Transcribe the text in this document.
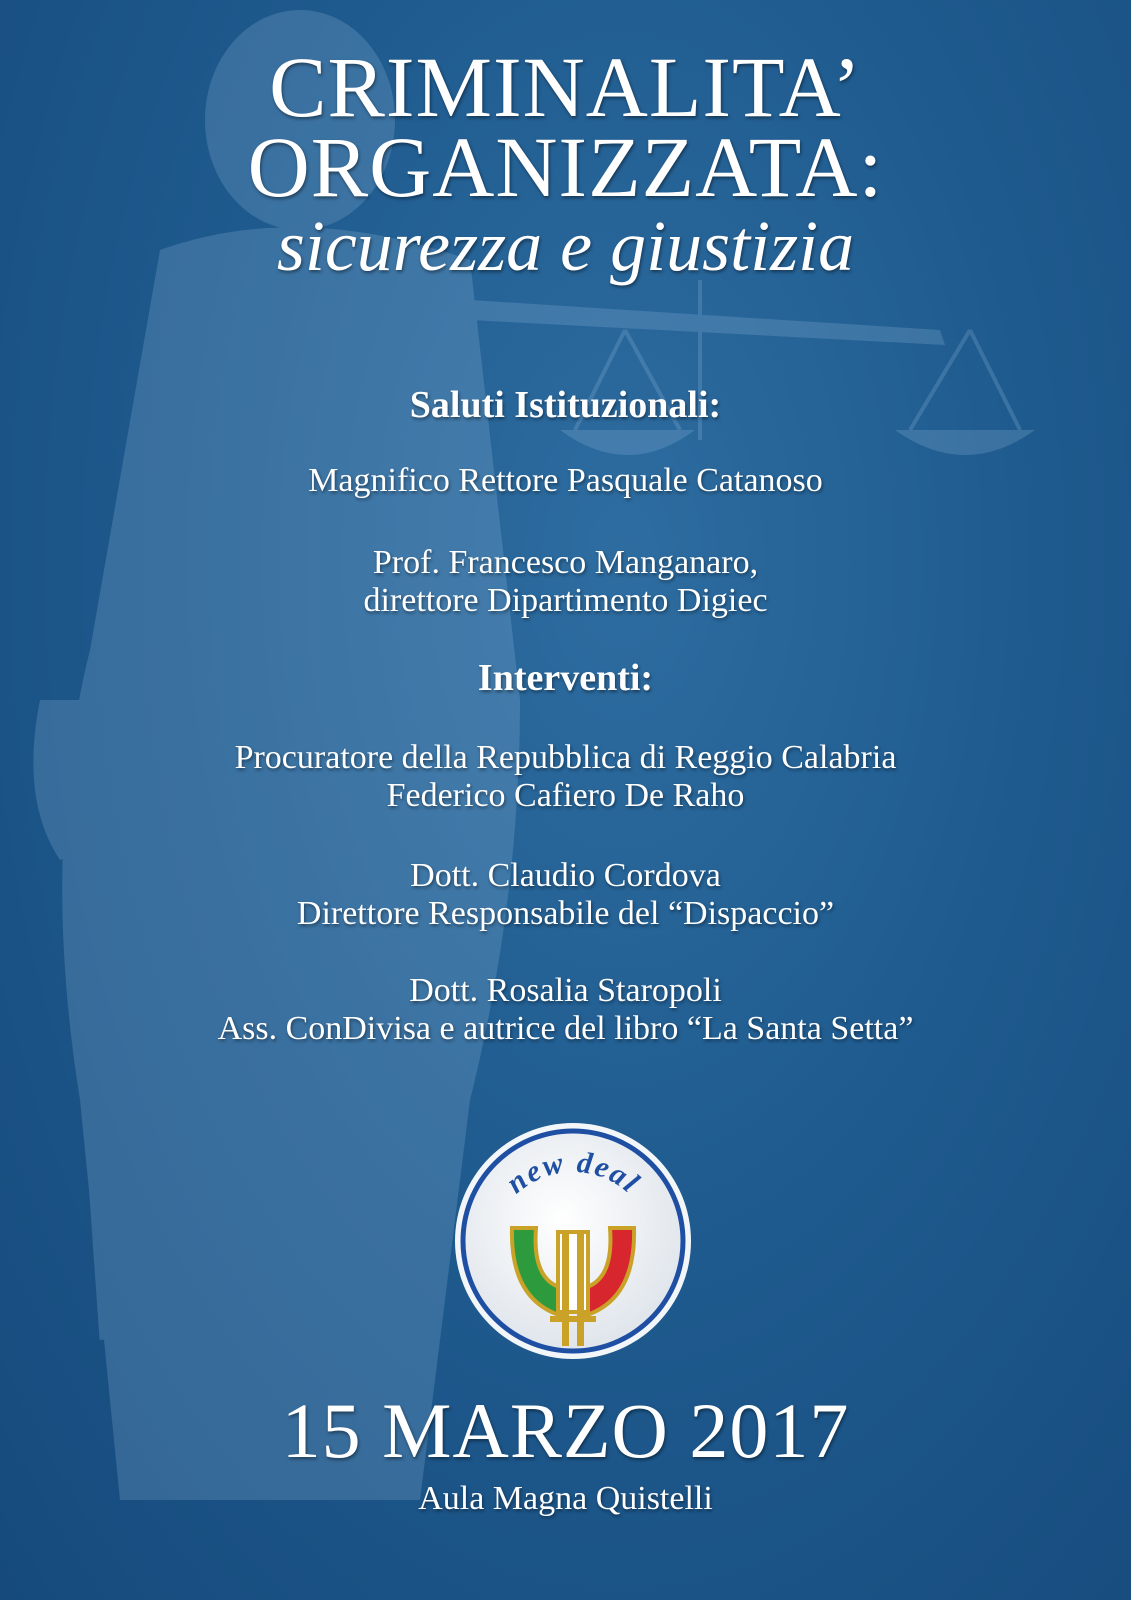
CRIMINALITA’
ORGANIZZATA:
sicurezza e giustizia
Saluti Istituzionali:
Magnifico Rettore Pasquale Catanoso
Prof. Francesco Manganaro,
direttore Dipartimento Digiec
Interventi:
Procuratore della Repubblica di Reggio Calabria
Federico Cafiero De Raho
Dott. Claudio Cordova
Direttore Responsabile del “Dispaccio”
Dott. Rosalia Staropoli
Ass. ConDivisa e autrice del libro “La Santa Setta”
new deal
15 MARZO 2017
Aula Magna Quistelli
